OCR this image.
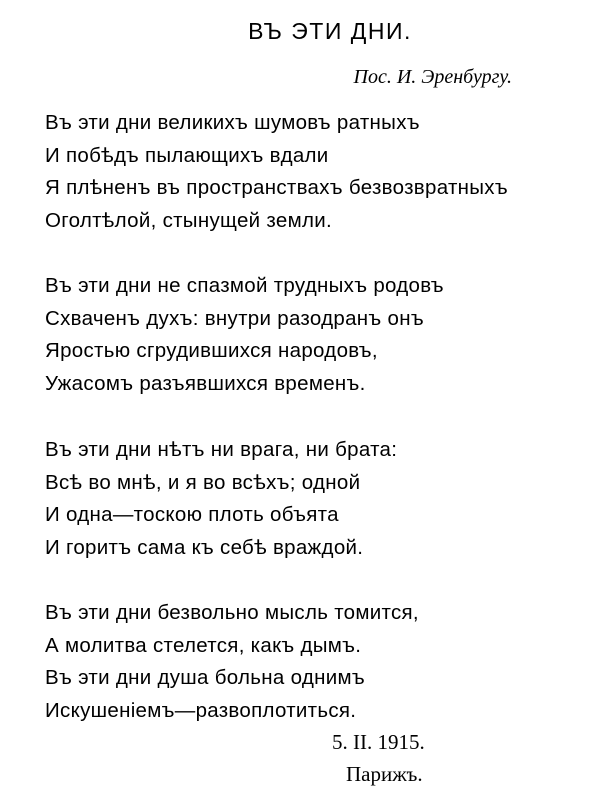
ВЪ ЭТИ ДНИ.
Пос. И. Эренбургу.
Въ эти дни великихъ шумовъ ратныхъ
И побѣдъ пылающихъ вдали
Я плѣненъ въ пространствахъ безвозвратныхъ
Оголтѣлой, стынущей земли.
Въ эти дни не спазмой трудныхъ родовъ
Схваченъ духъ: внутри разодранъ онъ
Яростью сгрудившихся народовъ,
Ужасомъ разъявшихся временъ.
Въ эти дни нѣтъ ни врага, ни брата:
Всѣ во мнѣ, и я во всѣхъ; одной
И одна—тоскою плоть объята
И горитъ сама къ себѣ враждой.
Въ эти дни безвольно мысль томится,
А молитва стелется, какъ дымъ.
Въ эти дни душа больна однимъ
Искушеніемъ—развоплотиться.
5. II. 1915.
Парижъ.
